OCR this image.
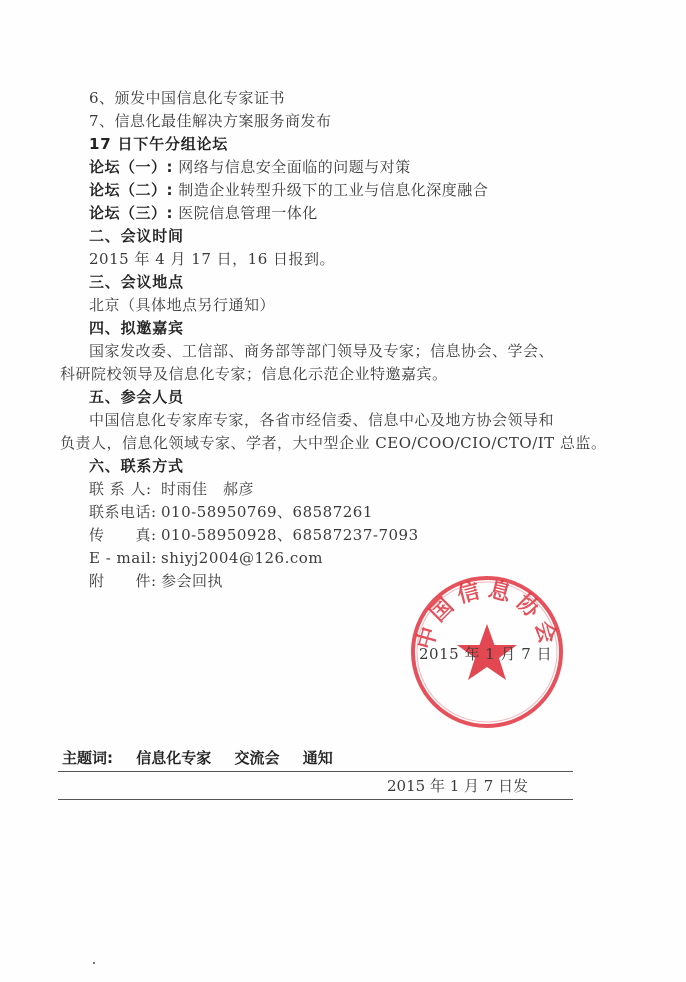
6、颁发中国信息化专家证书
7、信息化最佳解决方案服务商发布
17 日下午分组论坛
论坛（一）: 网络与信息安全面临的问题与对策
论坛（二）: 制造企业转型升级下的工业与信息化深度融合
论坛（三）: 医院信息管理一体化
二、会议时间
2015 年 4 月 17 日，16 日报到。
三、会议地点
北京（具体地点另行通知）
四、拟邀嘉宾
国家发改委、工信部、商务部等部门领导及专家；信息协会、学会、
科研院校领导及信息化专家；信息化示范企业特邀嘉宾。
五、参会人员
中国信息化专家库专家，各省市经信委、信息中心及地方协会领导和
负责人，信息化领域专家、学者，大中型企业 CEO/COO/CIO/CTO/IT 总监。
六、联系方式
联 系 人: 时雨佳　郝彦
联系电话: 010-58950769、68587261
传　　真: 010-58950928、68587237-7093
E - mail: shiyj2004@126.com
附　　件: 参会回执
中国信息协会
2015 年 1 月 7 日
主题词: 信息化专家 交流会 通知
2015 年 1 月 7 日发
